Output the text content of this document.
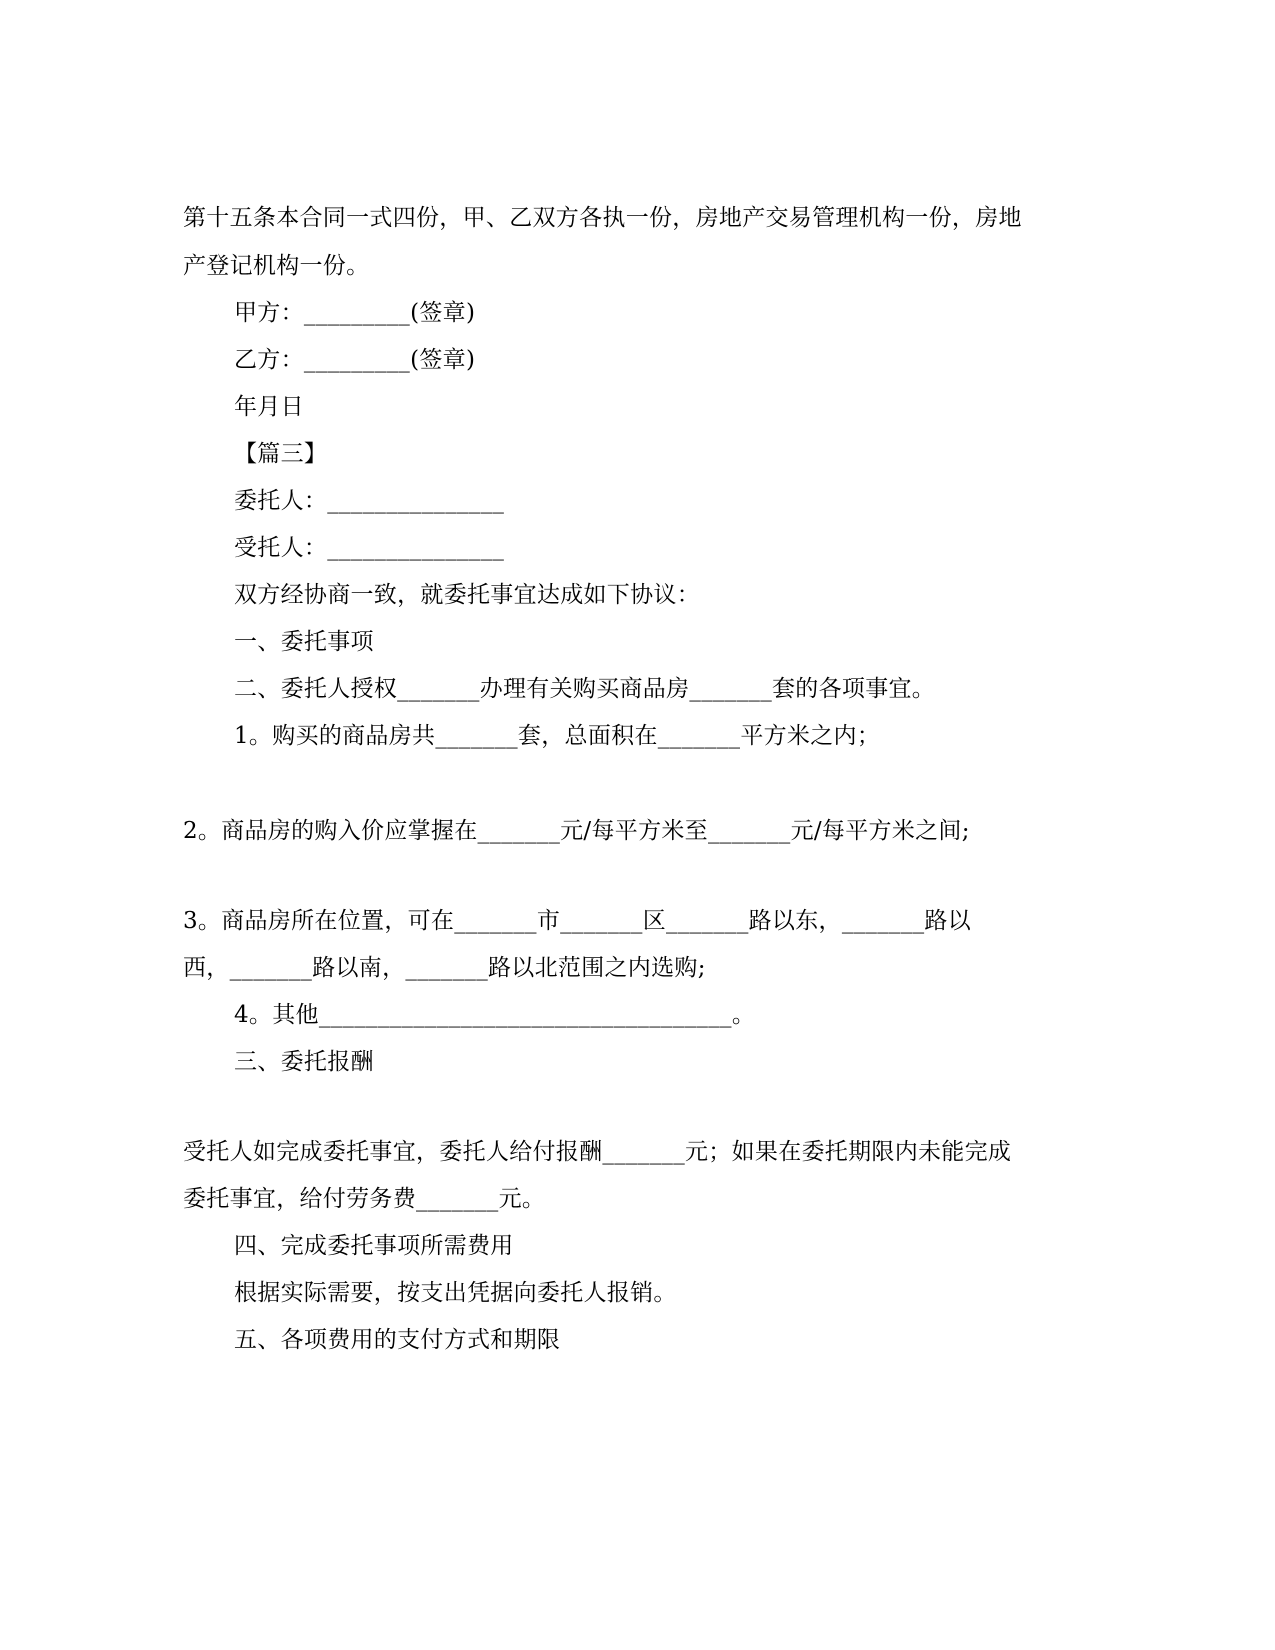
第十五条本合同一式四份，甲、乙双方各执一份，房地产交易管理机构一份，房地
产登记机构一份。
甲方：_________(签章)
乙方：_________(签章)
年月日
【篇三】
委托人：_______________
受托人：_______________
双方经协商一致，就委托事宜达成如下协议：
一、委托事项
二、委托人授权_______办理有关购买商品房_______套的各项事宜。
1。购买的商品房共_______套，总面积在_______平方米之内；
2。商品房的购入价应掌握在_______元/每平方米至_______元/每平方米之间;
3。商品房所在位置，可在_______市_______区_______路以东，_______路以
西，_______路以南，_______路以北范围之内选购;
4。其他___________________________________。
三、委托报酬
受托人如完成委托事宜，委托人给付报酬_______元；如果在委托期限内未能完成
委托事宜，给付劳务费_______元。
四、完成委托事项所需费用
根据实际需要，按支出凭据向委托人报销。
五、各项费用的支付方式和期限
